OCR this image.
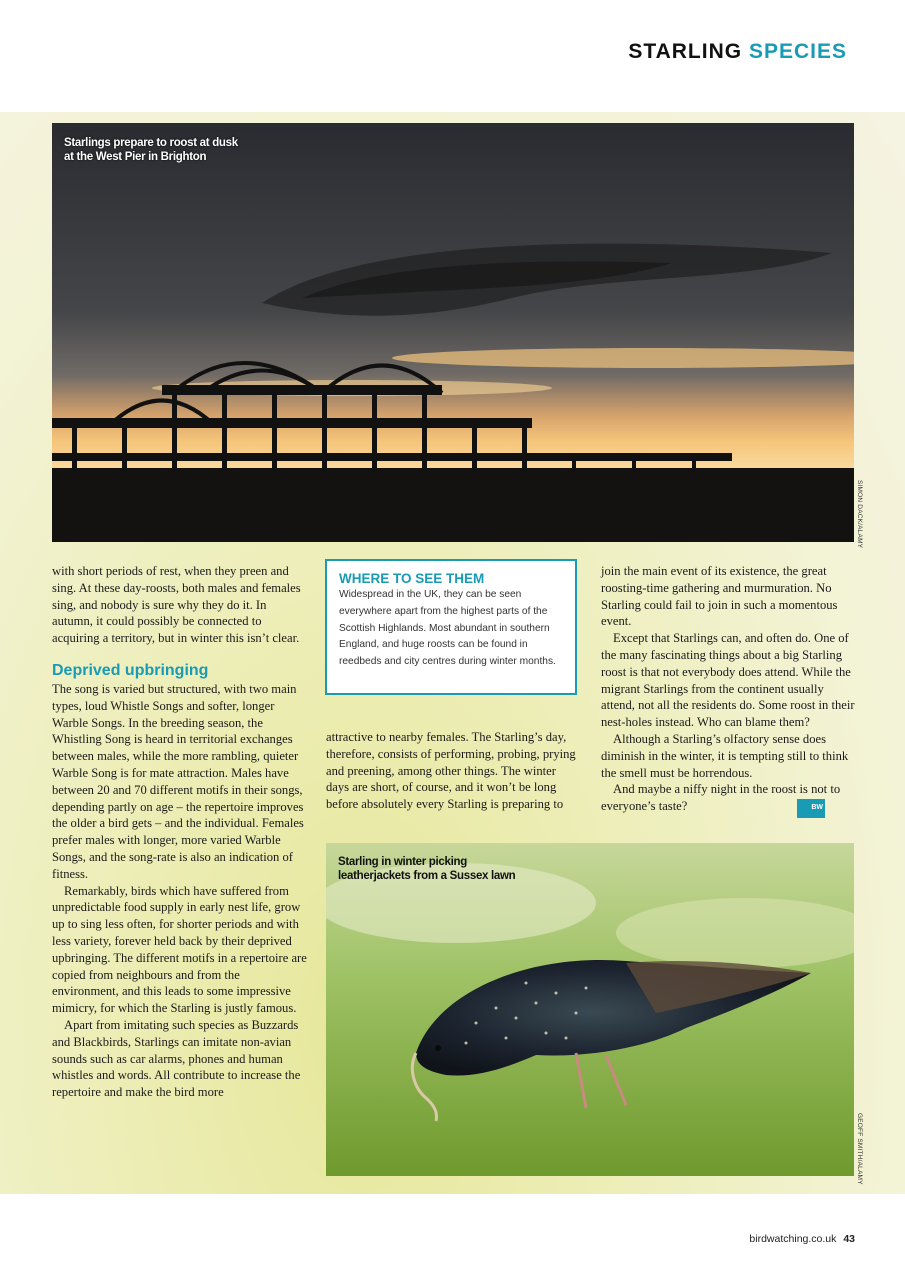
STARLING SPECIES
Starlings prepare to roost at dusk
at the West Pier in Brighton
SIMON DACK/ALAMY

with short periods of rest, when they preen and sing. At these day-roosts, both males and females sing, and nobody is sure why they do it. In autumn, it could possibly be connected to acquiring a territory, but in winter this isn’t clear.

Deprived upbringing

The song is varied but structured, with two main types, loud Whistle Songs and softer, longer Warble Songs. In the breeding season, the Whistling Song is heard in territorial exchanges between males, while the more rambling, quieter Warble Song is for mate attraction. Males have between 20 and 70 different motifs in their songs, depending partly on age – the repertoire improves the older a bird gets – and the individual. Females prefer males with longer, more varied Warble Songs, and the song-rate is also an indication of fitness.

Remarkably, birds which have suffered from unpredictable food supply in early nest life, grow up to sing less often, for shorter periods and with less variety, forever held back by their deprived upbringing. The different motifs in a repertoire are copied from neighbours and from the environment, and this leads to some impressive mimicry, for which the Starling is justly famous.

Apart from imitating such species as Buzzards and Blackbirds, Starlings can imitate non-avian sounds such as car alarms, phones and human whistles and words. All contribute to increase the repertoire and make the bird more

WHERE TO SEE THEM
Widespread in the UK, they can be seen everywhere apart from the highest parts of the Scottish Highlands. Most abundant in southern England, and huge roosts can be found in reedbeds and city centres during winter months.

attractive to nearby females. The Starling’s day, therefore, consists of performing, probing, prying and preening, among other things. The winter days are short, of course, and it won’t be long before absolutely every Starling is preparing to

join the main event of its existence, the great roosting-time gathering and murmuration. No Starling could fail to join in such a momentous event.

Except that Starlings can, and often do. One of the many fascinating things about a big Starling roost is that not everybody does attend. While the migrant Starlings from the continent usually attend, not all the residents do. Some roost in their nest-holes instead. Who can blame them?

Although a Starling’s olfactory sense does diminish in the winter, it is tempting still to think the smell must be horrendous.

And maybe a niffy night in the roost is not to everyone’s taste?	BW

Starling in winter picking
leatherjackets from a Sussex lawn
GEOFF SMITH/ALAMY
birdwatching.co.uk 43
